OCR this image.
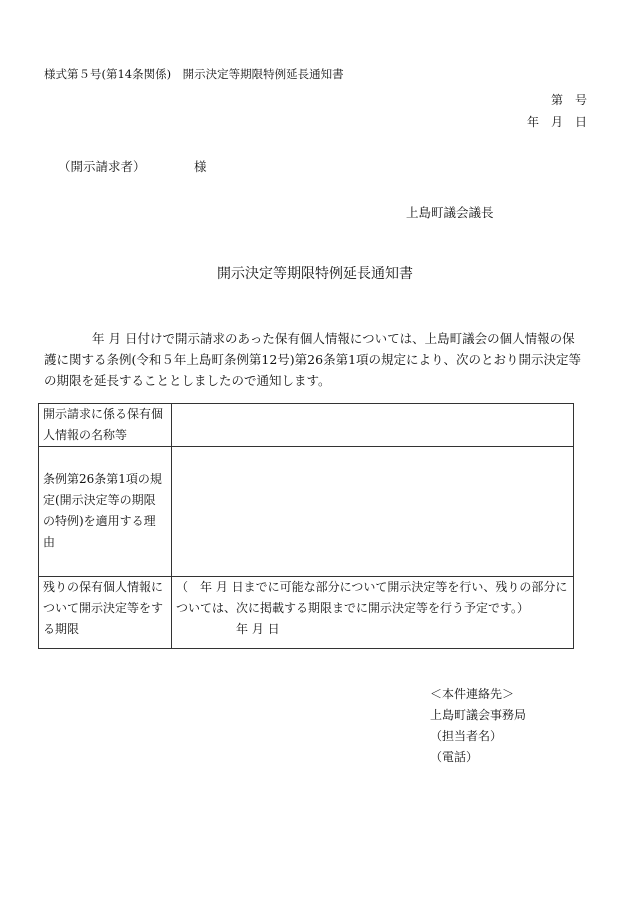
様式第５号(第14条関係)　開示決定等期限特例延長通知書
第　号
年　月　日
（開示請求者）	様
上島町議会議長
開示決定等期限特例延長通知書
年 月 日付けで開示請求のあった保有個人情報については、上島町議会の個人情報の保護に関する条例(令和５年上島町条例第12号)第26条第1項の規定により、次のとおり開示決定等の期限を延長することとしましたので通知します。
開示請求に係る保有個人情報の名称等	
条例第26条第1項の規定(開示決定等の期限の特例)を適用する理由	
残りの保有個人情報について開示決定等をする期限	（　年 月 日までに可能な部分について開示決定等を行い、残りの部分については、次に掲載する期限までに開示決定等を行う予定です。）
年 月 日
＜本件連絡先＞
上島町議会事務局
（担当者名）
（電話）
